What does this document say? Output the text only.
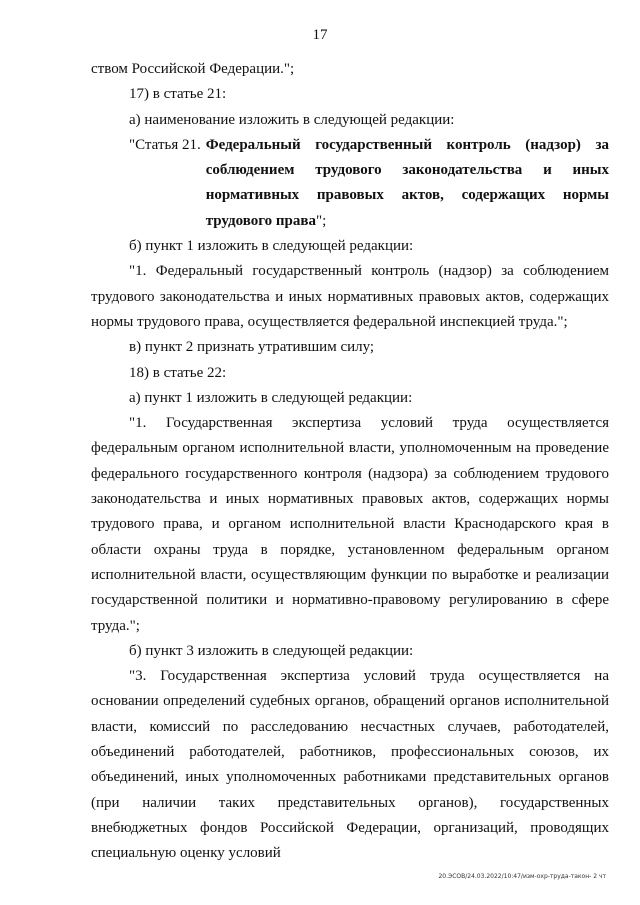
17

ством Российской Федерации.";

17) в статье 21:

а) наименование изложить в следующей редакции:

"Статья 21. Федеральный государственный контроль (надзор) за соблюдением трудового законодательства и иных нормативных правовых актов, содержащих нормы трудового права";

б) пункт 1 изложить в следующей редакции:

"1. Федеральный государственный контроль (надзор) за соблюдением трудового законодательства и иных нормативных правовых актов, содержащих нормы трудового права, осуществляется федеральной инспекцией труда.";

в) пункт 2 признать утратившим силу;

18) в статье 22:

а) пункт 1 изложить в следующей редакции:

"1. Государственная экспертиза условий труда осуществляется федеральным органом исполнительной власти, уполномоченным на проведение федерального государственного контроля (надзора) за соблюдением трудового законодательства и иных нормативных правовых актов, содержащих нормы трудового права, и органом исполнительной власти Краснодарского края в области охраны труда в порядке, установленном федеральным органом исполнительной власти, осуществляющим функции по выработке и реализации государственной политики и нормативно-правовому регулированию в сфере труда.";

б) пункт 3 изложить в следующей редакции:

"3. Государственная экспертиза условий труда осуществляется на основании определений судебных органов, обращений органов исполнительной власти, комиссий по расследованию несчастных случаев, работодателей, объединений работодателей, работников, профессиональных союзов, их объединений, иных уполномоченных работниками представительных органов (при наличии таких представительных органов), государственных внебюджетных фондов Российской Федерации, организаций, проводящих специальную оценку условий

20.ЭСОВ/24.03.2022/10:47/изм-охр-труда-такон- 2 чт
